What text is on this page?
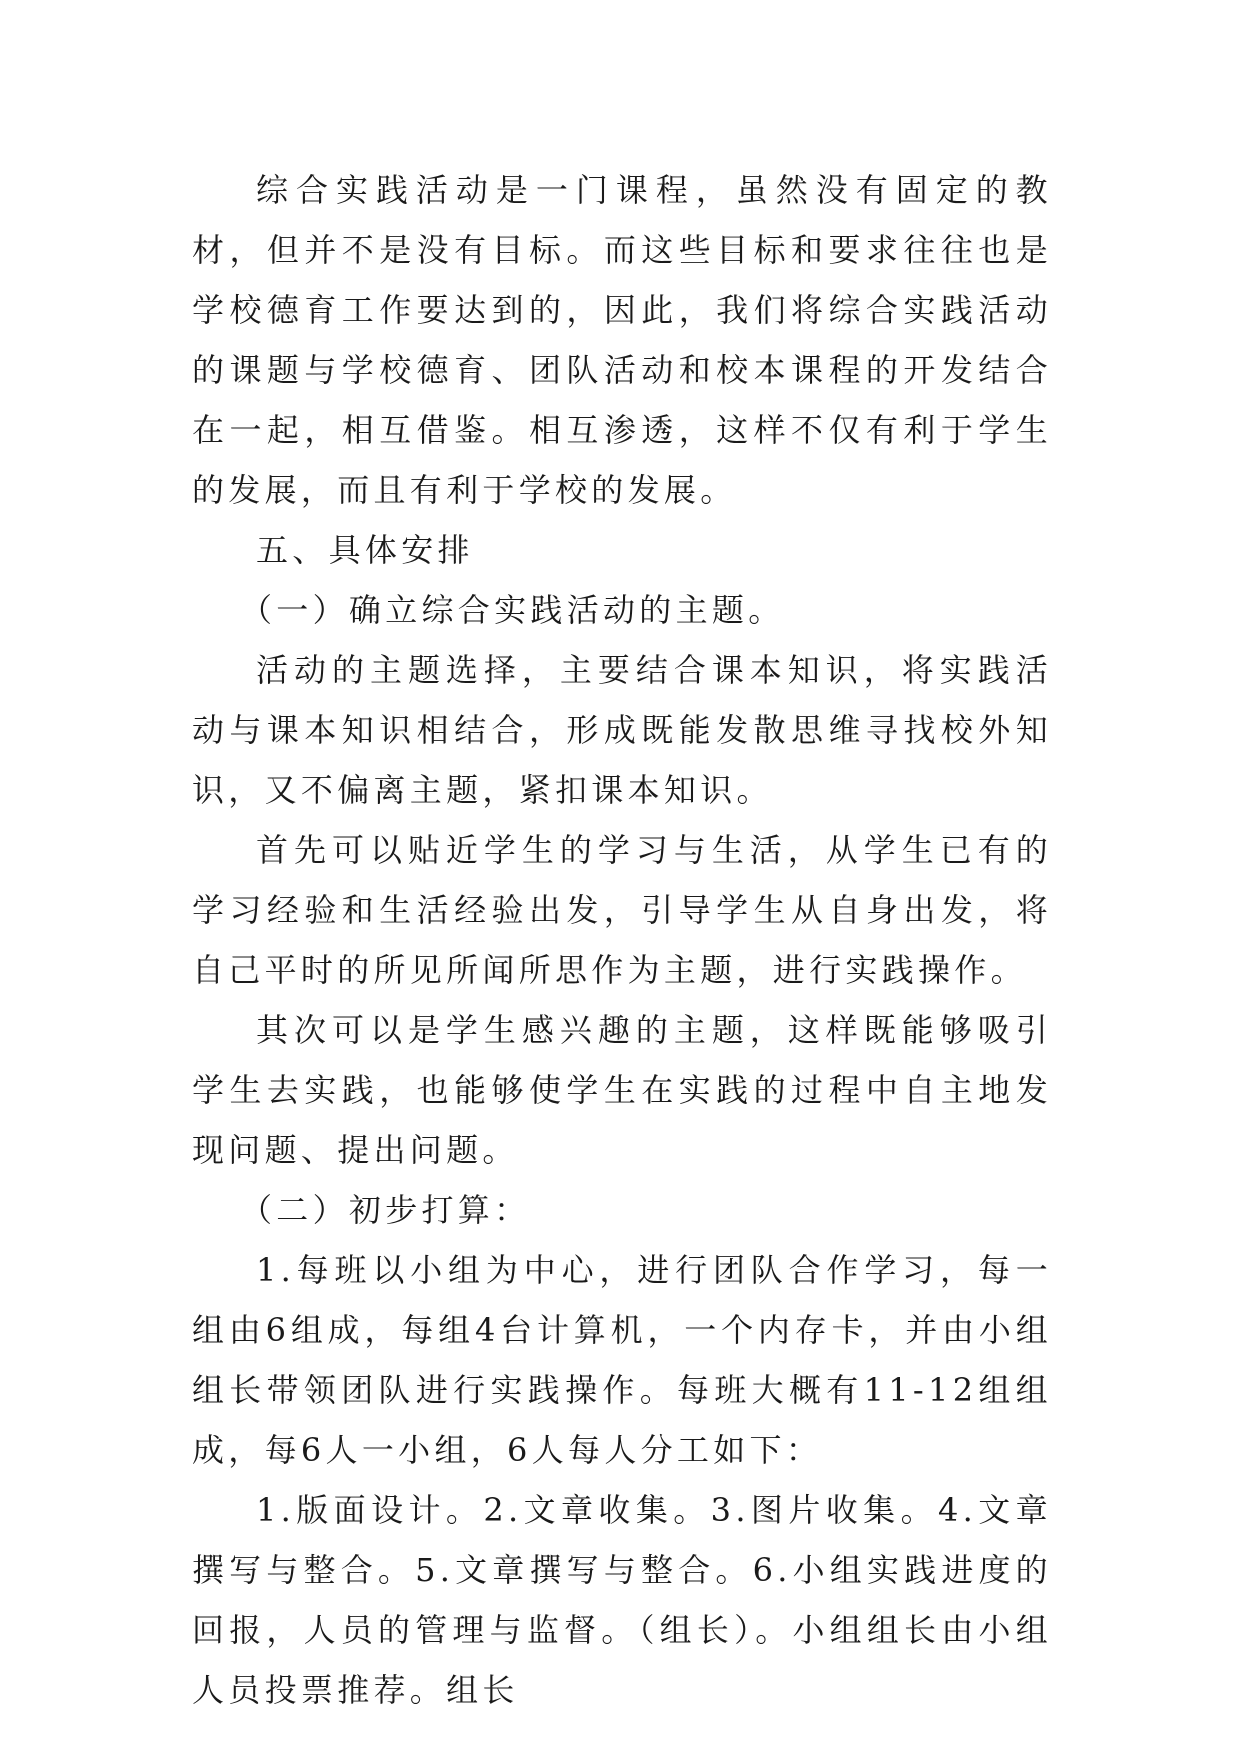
综合实践活动是一门课程，虽然没有固定的教材，但并不是没有目标。而这些目标和要求往往也是学校德育工作要达到的，因此，我们将综合实践活动的课题与学校德育、团队活动和校本课程的开发结合在一起，相互借鉴。相互渗透，这样不仅有利于学生的发展，而且有利于学校的发展。

五、具体安排

（一）确立综合实践活动的主题。

活动的主题选择，主要结合课本知识，将实践活动与课本知识相结合，形成既能发散思维寻找校外知识，又不偏离主题，紧扣课本知识。

首先可以贴近学生的学习与生活，从学生已有的学习经验和生活经验出发，引导学生从自身出发，将自己平时的所见所闻所思作为主题，进行实践操作。

其次可以是学生感兴趣的主题，这样既能够吸引学生去实践，也能够使学生在实践的过程中自主地发现问题、提出问题。

（二）初步打算：

1.每班以小组为中心，进行团队合作学习，每一组由6组成，每组4台计算机，一个内存卡，并由小组组长带领团队进行实践操作。每班大概有11-12组组成，每6人一小组，6人每人分工如下：

1.版面设计。2.文章收集。3.图片收集。4.文章撰写与整合。5.文章撰写与整合。6.小组实践进度的回报，人员的管理与监督。（组长）。小组组长由小组人员投票推荐。组长
